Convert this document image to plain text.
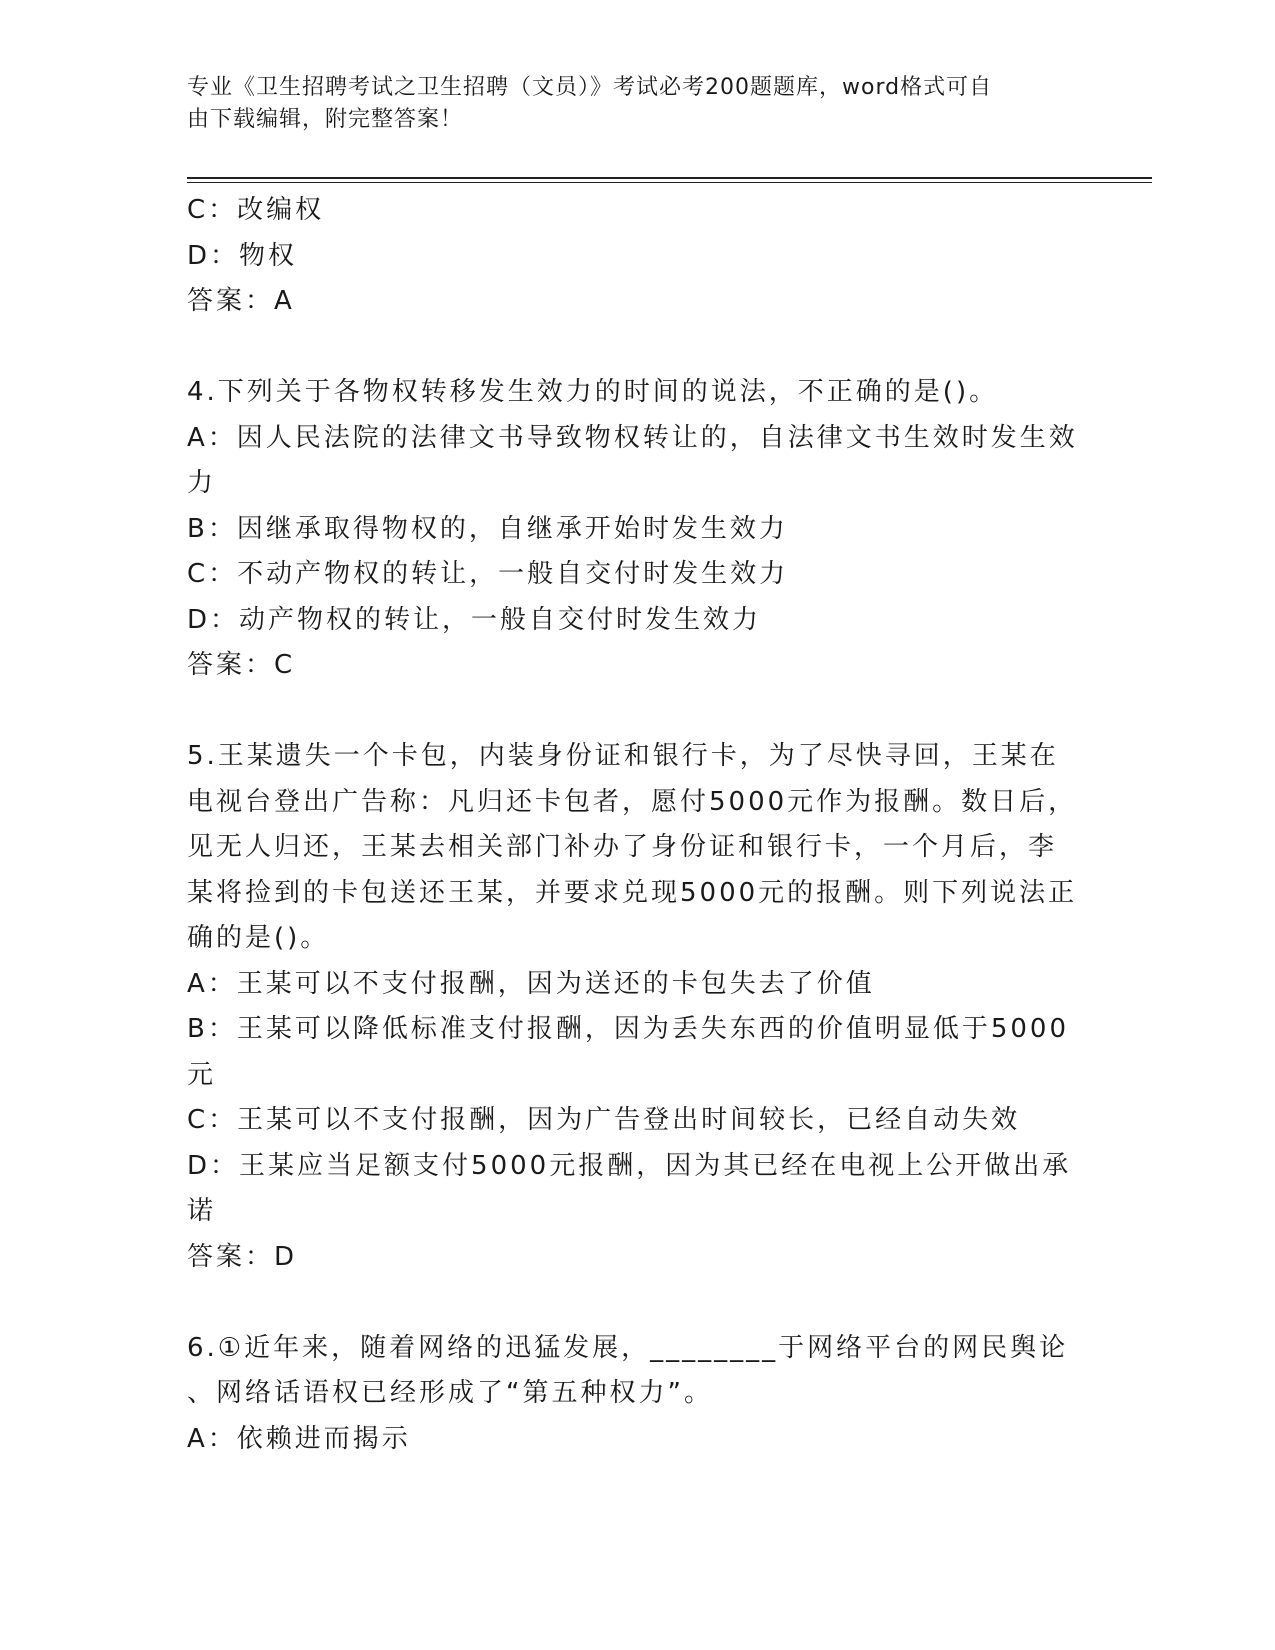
专业《卫生招聘考试之卫生招聘（文员）》考试必考200题题库，word格式可自
由下载编辑，附完整答案！
C：改编权
D：物权
答案：A
4.下列关于各物权转移发生效力的时间的说法，不正确的是()。
A：因人民法院的法律文书导致物权转让的，自法律文书生效时发生效
力
B：因继承取得物权的，自继承开始时发生效力
C：不动产物权的转让，一般自交付时发生效力
D：动产物权的转让，一般自交付时发生效力
答案：C
5.王某遗失一个卡包，内装身份证和银行卡，为了尽快寻回，王某在
电视台登出广告称：凡归还卡包者，愿付5000元作为报酬。数日后，
见无人归还，王某去相关部门补办了身份证和银行卡，一个月后，李
某将捡到的卡包送还王某，并要求兑现5000元的报酬。则下列说法正
确的是()。
A：王某可以不支付报酬，因为送还的卡包失去了价值
B：王某可以降低标准支付报酬，因为丢失东西的价值明显低于5000
元
C：王某可以不支付报酬，因为广告登出时间较长，已经自动失效
D：王某应当足额支付5000元报酬，因为其已经在电视上公开做出承
诺
答案：D
6.①近年来，随着网络的迅猛发展，________于网络平台的网民舆论
、网络话语权已经形成了“第五种权力”。
A：依赖进而揭示
